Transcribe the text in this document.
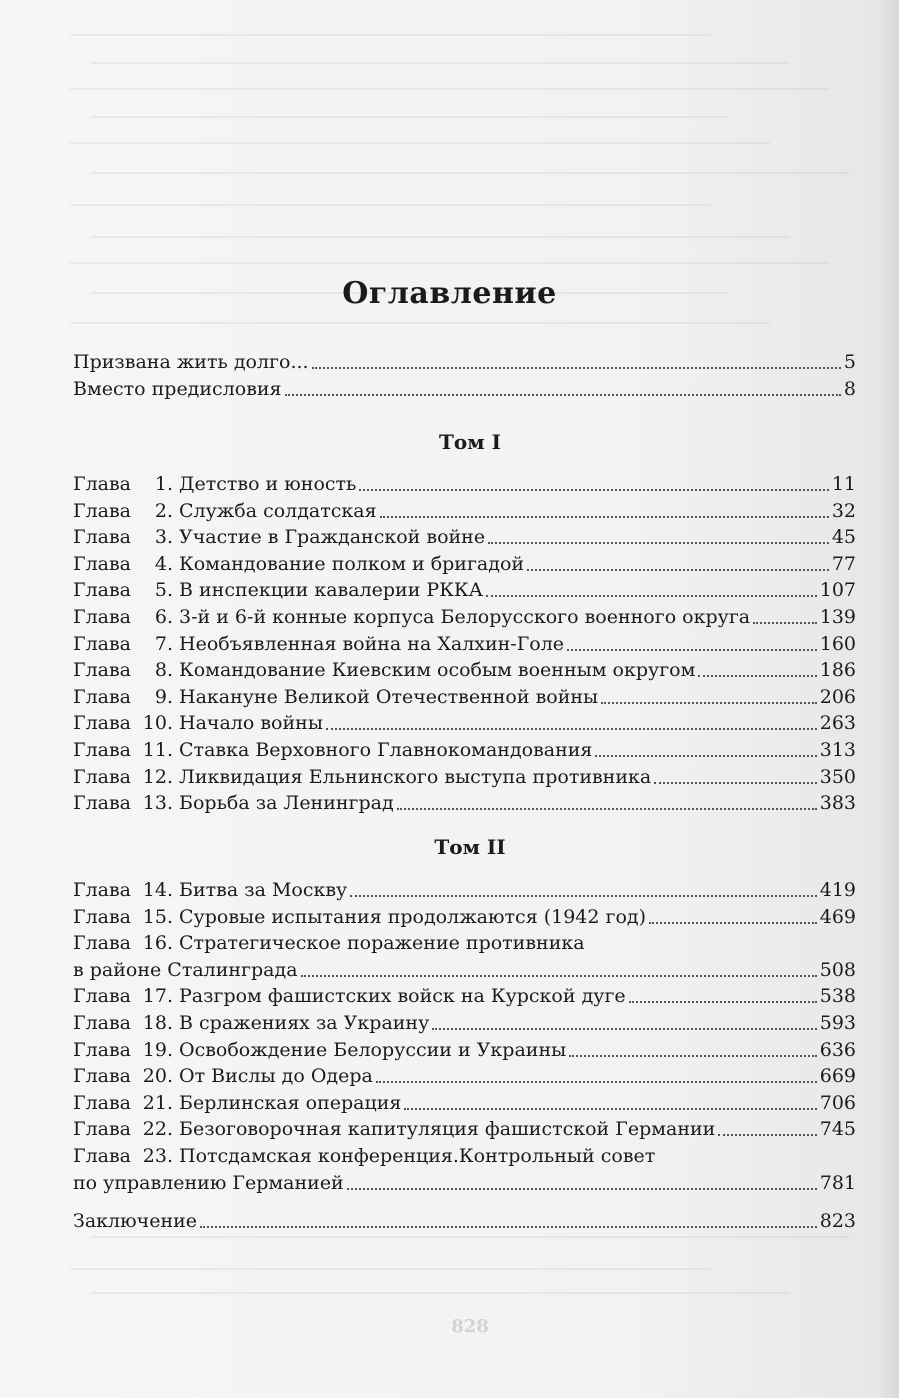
Оглавление
Призвана жить долго...	5
Вместо предисловия	8
Том I
Глава 1. Детство и юность	11
Глава 2. Служба солдатская	32
Глава 3. Участие в Гражданской войне	45
Глава 4. Командование полком и бригадой	77
Глава 5. В инспекции кавалерии РККА	107
Глава 6. 3-й и 6-й конные корпуса Белорусского военного округа	139
Глава 7. Необъявленная война на Халхин-Голе	160
Глава 8. Командование Киевским особым военным округом	186
Глава 9. Накануне Великой Отечественной войны	206
Глава 10. Начало войны	263
Глава 11. Ставка Верховного Главнокомандования	313
Глава 12. Ликвидация Ельнинского выступа противника	350
Глава 13. Борьба за Ленинград	383
Том II
Глава 14. Битва за Москву	419
Глава 15. Суровые испытания продолжаются (1942 год)	469
Глава 16. Стратегическое поражение противника
в районе Сталинграда	508
Глава 17. Разгром фашистских войск на Курской дуге	538
Глава 18. В сражениях за Украину	593
Глава 19. Освобождение Белоруссии и Украины	636
Глава 20. От Вислы до Одера	669
Глава 21. Берлинская операция	706
Глава 22. Безоговорочная капитуляция фашистской Германии	745
Глава 23. Потсдамская конференция.Контрольный совет
по управлению Германией	781
Заключение	823
828
